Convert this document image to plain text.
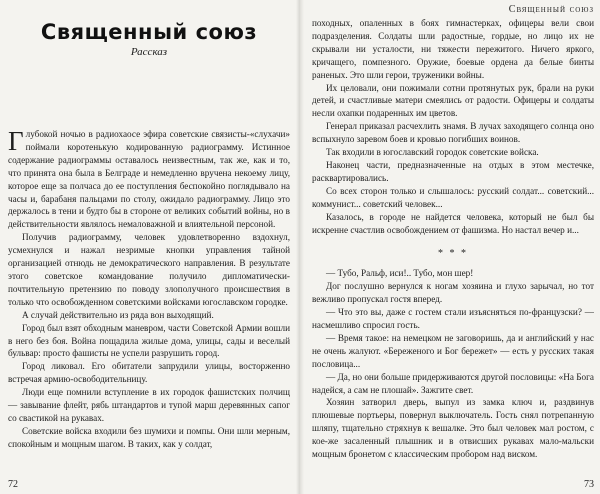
Священный союз
Рассказ

Глубокой ночью в радиохаосе эфира советские связисты-«слухачи» поймали коротенькую кодированную радиограмму. Истинное содержание радиограммы оставалось неизвестным, так же, как и то, что принята она была в Белграде и немедленно вручена некоему лицу, которое еще за полчаса до ее поступления беспокойно поглядывало на часы и, барабаня пальцами по столу, ожидало радиограмму. Лицо это держалось в тени и будто бы в стороне от великих событий войны, но в действительности являлось немаловажной и влиятельной персоной.

Получив радиограмму, человек удовлетворенно вздохнул, усмехнулся и нажал незримые кнопки управления тайной организацией отнюдь не демократического направления. В результате этого советское командование получило дипломатически-почтительную претензию по поводу злополучного происшествия в только что освобожденном советскими войсками югославском городке.

А случай действительно из ряда вон выходящий.

Город был взят обходным маневром, части Советской Армии вошли в него без боя. Война пощадила жилые дома, улицы, сады и веселый бульвар: просто фашисты не успели разрушить город.

Город ликовал. Его обитатели запрудили улицы, восторженно встречая армию-освободительницу.

Люди еще помнили вступление в их городок фашистских полчищ — завывание флейт, рябь штандартов и тупой марш деревянных сапог со свастикой на рукавах.

Советские войска входили без шумихи и помпы. Они шли мерным, спокойным и мощным шагом. В таких, как у солдат,

72
Священный союз

походных, опаленных в боях гимнастерках, офицеры вели свои подразделения. Солдаты шли радостные, гордые, но лицо их не скрывали ни усталости, ни тяжести пережитого. Ничего яркого, кричащего, помпезного. Оружие, боевые ордена да белые бинты раненых. Это шли герои, труженики войны.

Их целовали, они пожимали сотни протянутых рук, брали на руки детей, и счастливые матери смеялись от радости. Офицеры и солдаты несли охапки подаренных им цветов.

Генерал приказал расчехлить знамя. В лучах заходящего солнца оно вспыхнуло заревом боев и кровью погибших воинов.

Так входили в югославский городок советские войска.

Наконец части, предназначенные на отдых в этом местечке, расквартировались.

Со всех сторон только и слышалось: русский солдат... советский... коммунист... советский человек...

Казалось, в городе не найдется человека, который не был бы искренне счастлив освобождением от фашизма. Но настал вечер и...

* * *

— Тубо, Ральф, иси!.. Тубо, мон шер!

Дог послушно вернулся к ногам хозяина и глухо зарычал, но тот вежливо пропускал гостя вперед.

— Что это вы, даже с гостем стали изъясняться по-французски? — насмешливо спросил гость.

— Время такое: на немецком не заговоришь, да и английский у нас не очень жалуют. «Береженого и Бог бережет» — есть у русских такая пословица...

— Да, но они больше придерживаются другой пословицы: «На Бога надейся, а сам не плошай». Зажгите свет.

Хозяин затворил дверь, выпул из замка ключ и, раздвинув плюшевые портьеры, повернул выключатель. Гость снял потрепанную шляпу, тщательно стряхнув к вешалке. Это был человек мал ростом, с кое-же засаленный плышник и в отвисших рукавах мало-мальски мощным бронетом с классическим пробором над виском.

73
